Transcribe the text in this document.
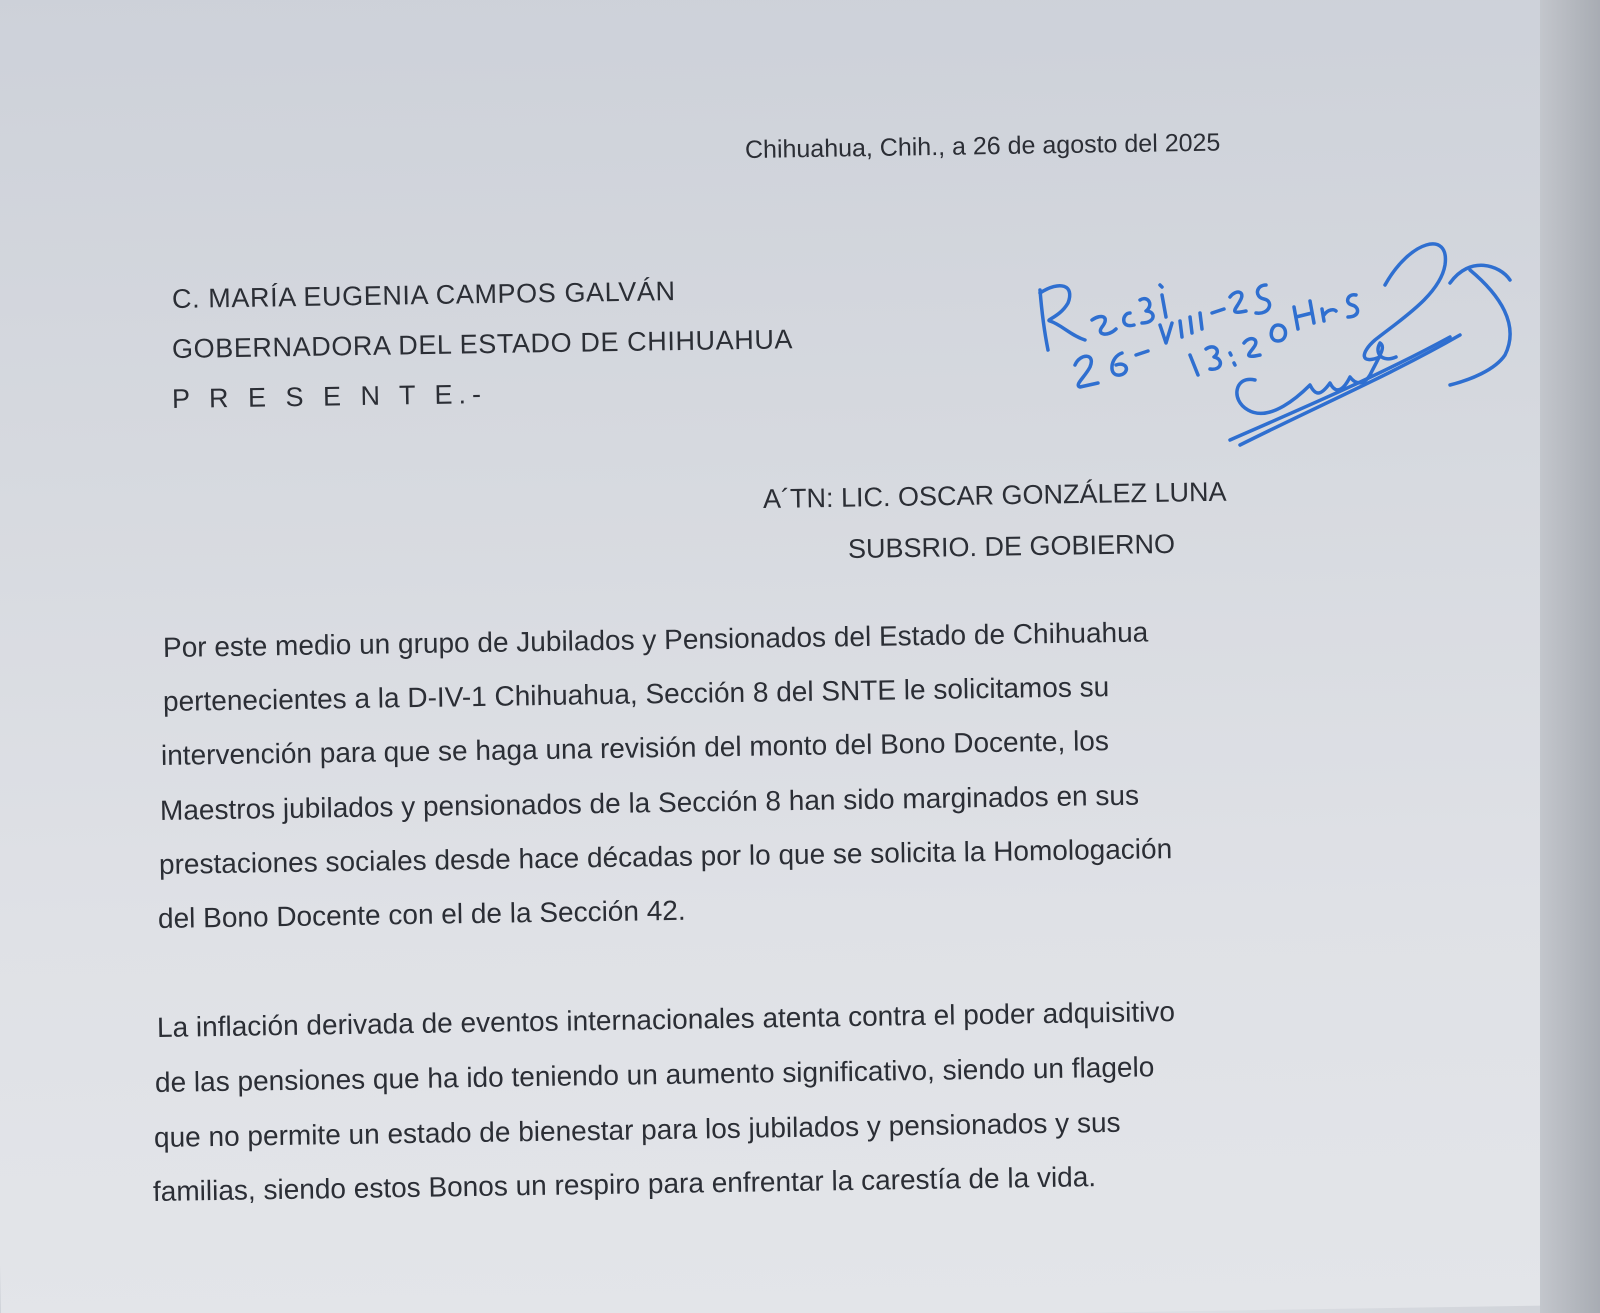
Chihuahua, Chih., a 26 de agosto del 2025
C. MARÍA EUGENIA CAMPOS GALVÁN
GOBERNADORA DEL ESTADO DE CHIHUAHUA
P R E S E N T E.-
A´TN: LIC. OSCAR GONZÁLEZ LUNA
SUBSRIO. DE GOBIERNO
Por este medio un grupo de Jubilados y Pensionados del Estado de Chihuahua
pertenecientes a la D-IV-1 Chihuahua, Sección 8 del SNTE le solicitamos su
intervención para que se haga una revisión del monto del Bono Docente, los
Maestros jubilados y pensionados de la Sección 8 han sido marginados en sus
prestaciones sociales desde hace décadas por lo que se solicita la Homologación
del Bono Docente con el de la Sección 42.
La inflación derivada de eventos internacionales atenta contra el poder adquisitivo
de las pensiones que ha ido teniendo un aumento significativo, siendo un flagelo
que no permite un estado de bienestar para los jubilados y pensionados y sus
familias, siendo estos Bonos un respiro para enfrentar la carestía de la vida.
